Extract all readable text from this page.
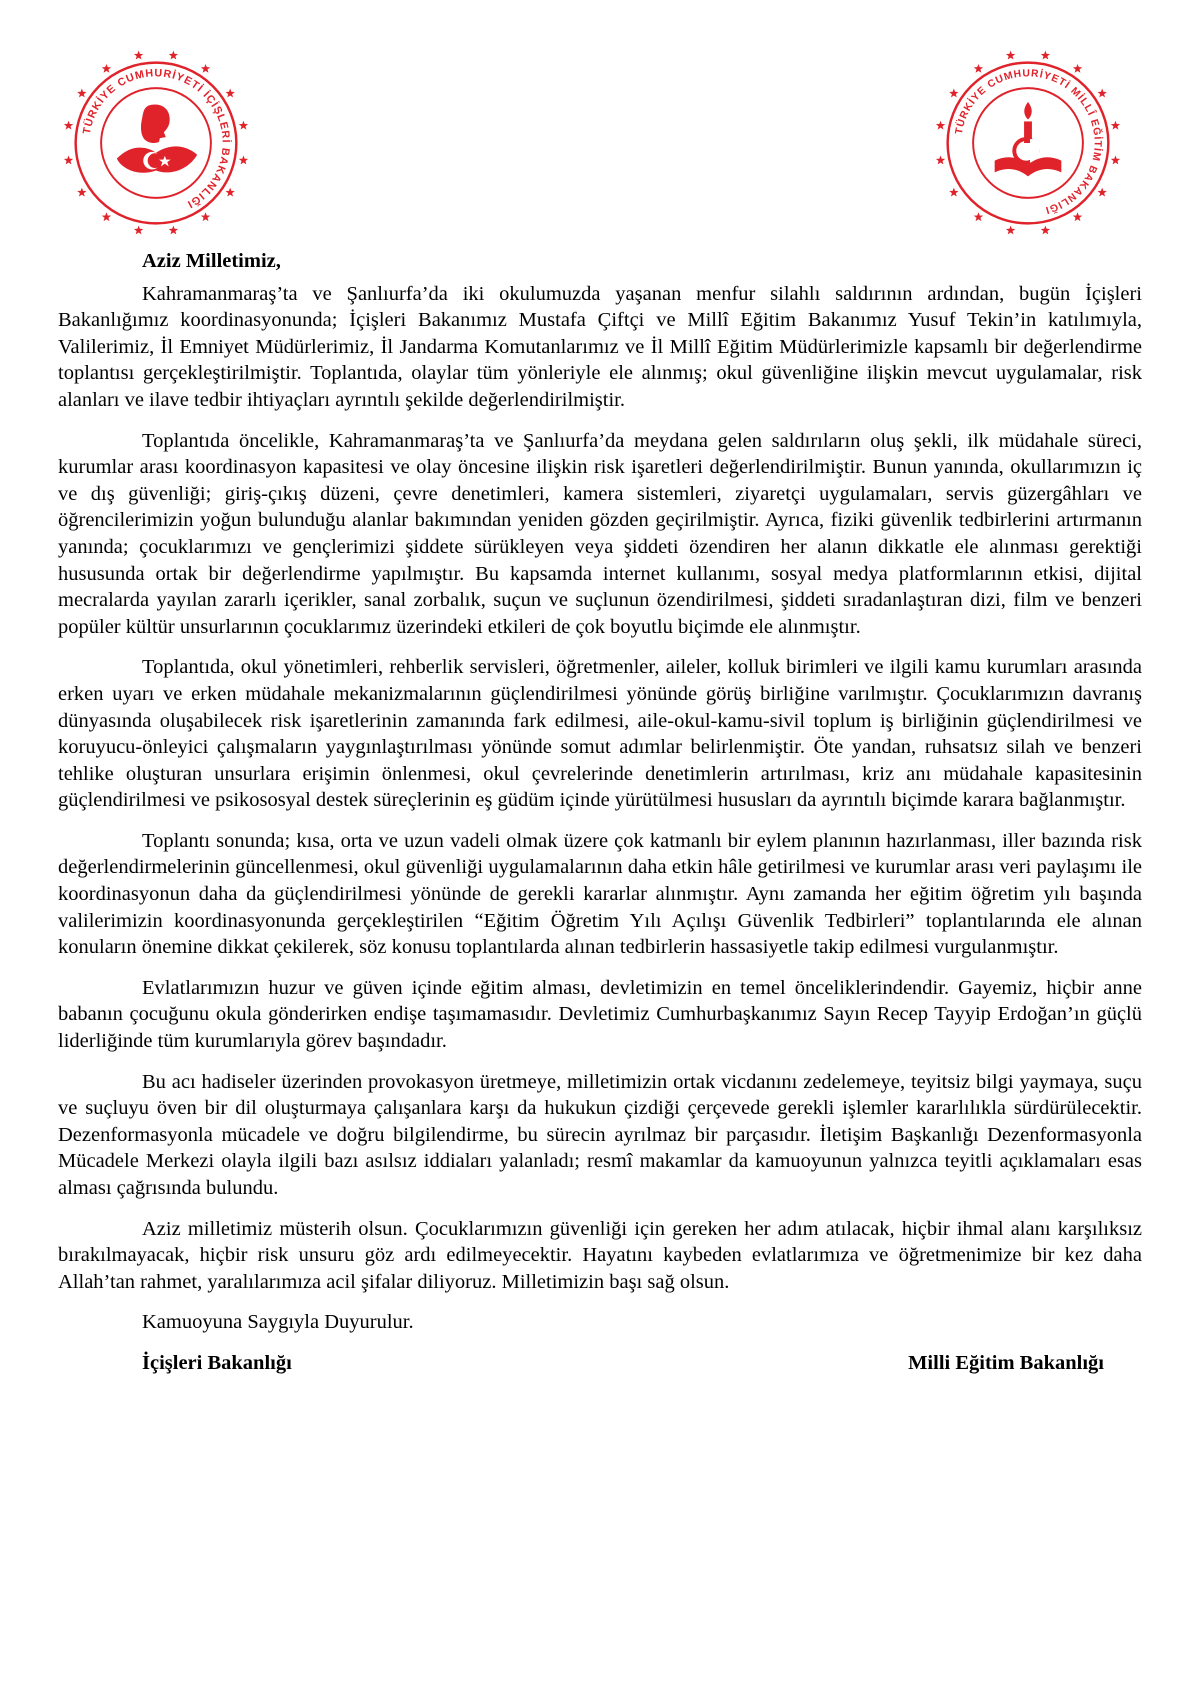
TÜRKİYE CUMHURİYETİ İÇİŞLERİ BAKANLIĞI
TÜRKİYE CUMHURİYETİ MİLLÎ EĞİTİM BAKANLIĞI

Aziz Milletimiz,

Kahramanmaraş’ta ve Şanlıurfa’da iki okulumuzda yaşanan menfur silahlı saldırının ardından, bugün İçişleri Bakanlığımız koordinasyonunda; İçişleri Bakanımız Mustafa Çiftçi ve Millî Eğitim Bakanımız Yusuf Tekin’in katılımıyla, Valilerimiz, İl Emniyet Müdürlerimiz, İl Jandarma Komutanlarımız ve İl Millî Eğitim Müdürlerimizle kapsamlı bir değerlendirme toplantısı gerçekleştirilmiştir. Toplantıda, olaylar tüm yönleriyle ele alınmış; okul güvenliğine ilişkin mevcut uygulamalar, risk alanları ve ilave tedbir ihtiyaçları ayrıntılı şekilde değerlendirilmiştir.

Toplantıda öncelikle, Kahramanmaraş’ta ve Şanlıurfa’da meydana gelen saldırıların oluş şekli, ilk müdahale süreci, kurumlar arası koordinasyon kapasitesi ve olay öncesine ilişkin risk işaretleri değerlendirilmiştir. Bunun yanında, okullarımızın iç ve dış güvenliği; giriş-çıkış düzeni, çevre denetimleri, kamera sistemleri, ziyaretçi uygulamaları, servis güzergâhları ve öğrencilerimizin yoğun bulunduğu alanlar bakımından yeniden gözden geçirilmiştir. Ayrıca, fiziki güvenlik tedbirlerini artırmanın yanında; çocuklarımızı ve gençlerimizi şiddete sürükleyen veya şiddeti özendiren her alanın dikkatle ele alınması gerektiği hususunda ortak bir değerlendirme yapılmıştır. Bu kapsamda internet kullanımı, sosyal medya platformlarının etkisi, dijital mecralarda yayılan zararlı içerikler, sanal zorbalık, suçun ve suçlunun özendirilmesi, şiddeti sıradanlaştıran dizi, film ve benzeri popüler kültür unsurlarının çocuklarımız üzerindeki etkileri de çok boyutlu biçimde ele alınmıştır.

Toplantıda, okul yönetimleri, rehberlik servisleri, öğretmenler, aileler, kolluk birimleri ve ilgili kamu kurumları arasında erken uyarı ve erken müdahale mekanizmalarının güçlendirilmesi yönünde görüş birliğine varılmıştır. Çocuklarımızın davranış dünyasında oluşabilecek risk işaretlerinin zamanında fark edilmesi, aile-okul-kamu-sivil toplum iş birliğinin güçlendirilmesi ve koruyucu-önleyici çalışmaların yaygınlaştırılması yönünde somut adımlar belirlenmiştir. Öte yandan, ruhsatsız silah ve benzeri tehlike oluşturan unsurlara erişimin önlenmesi, okul çevrelerinde denetimlerin artırılması, kriz anı müdahale kapasitesinin güçlendirilmesi ve psikososyal destek süreçlerinin eş güdüm içinde yürütülmesi hususları da ayrıntılı biçimde karara bağlanmıştır.

Toplantı sonunda; kısa, orta ve uzun vadeli olmak üzere çok katmanlı bir eylem planının hazırlanması, iller bazında risk değerlendirmelerinin güncellenmesi, okul güvenliği uygulamalarının daha etkin hâle getirilmesi ve kurumlar arası veri paylaşımı ile koordinasyonun daha da güçlendirilmesi yönünde de gerekli kararlar alınmıştır. Aynı zamanda her eğitim öğretim yılı başında valilerimizin koordinasyonunda gerçekleştirilen “Eğitim Öğretim Yılı Açılışı Güvenlik Tedbirleri” toplantılarında ele alınan konuların önemine dikkat çekilerek, söz konusu toplantılarda alınan tedbirlerin hassasiyetle takip edilmesi vurgulanmıştır.

Evlatlarımızın huzur ve güven içinde eğitim alması, devletimizin en temel önceliklerindendir. Gayemiz, hiçbir anne babanın çocuğunu okula gönderirken endişe taşımamasıdır. Devletimiz Cumhurbaşkanımız Sayın Recep Tayyip Erdoğan’ın güçlü liderliğinde tüm kurumlarıyla görev başındadır.

Bu acı hadiseler üzerinden provokasyon üretmeye, milletimizin ortak vicdanını zedelemeye, teyitsiz bilgi yaymaya, suçu ve suçluyu öven bir dil oluşturmaya çalışanlara karşı da hukukun çizdiği çerçevede gerekli işlemler kararlılıkla sürdürülecektir. Dezenformasyonla mücadele ve doğru bilgilendirme, bu sürecin ayrılmaz bir parçasıdır. İletişim Başkanlığı Dezenformasyonla Mücadele Merkezi olayla ilgili bazı asılsız iddiaları yalanladı; resmî makamlar da kamuoyunun yalnızca teyitli açıklamaları esas alması çağrısında bulundu.

Aziz milletimiz müsterih olsun. Çocuklarımızın güvenliği için gereken her adım atılacak, hiçbir ihmal alanı karşılıksız bırakılmayacak, hiçbir risk unsuru göz ardı edilmeyecektir. Hayatını kaybeden evlatlarımıza ve öğretmenimize bir kez daha Allah’tan rahmet, yaralılarımıza acil şifalar diliyoruz. Milletimizin başı sağ olsun.

Kamuoyuna Saygıyla Duyurulur.

İçişleri Bakanlığı	Milli Eğitim Bakanlığı
